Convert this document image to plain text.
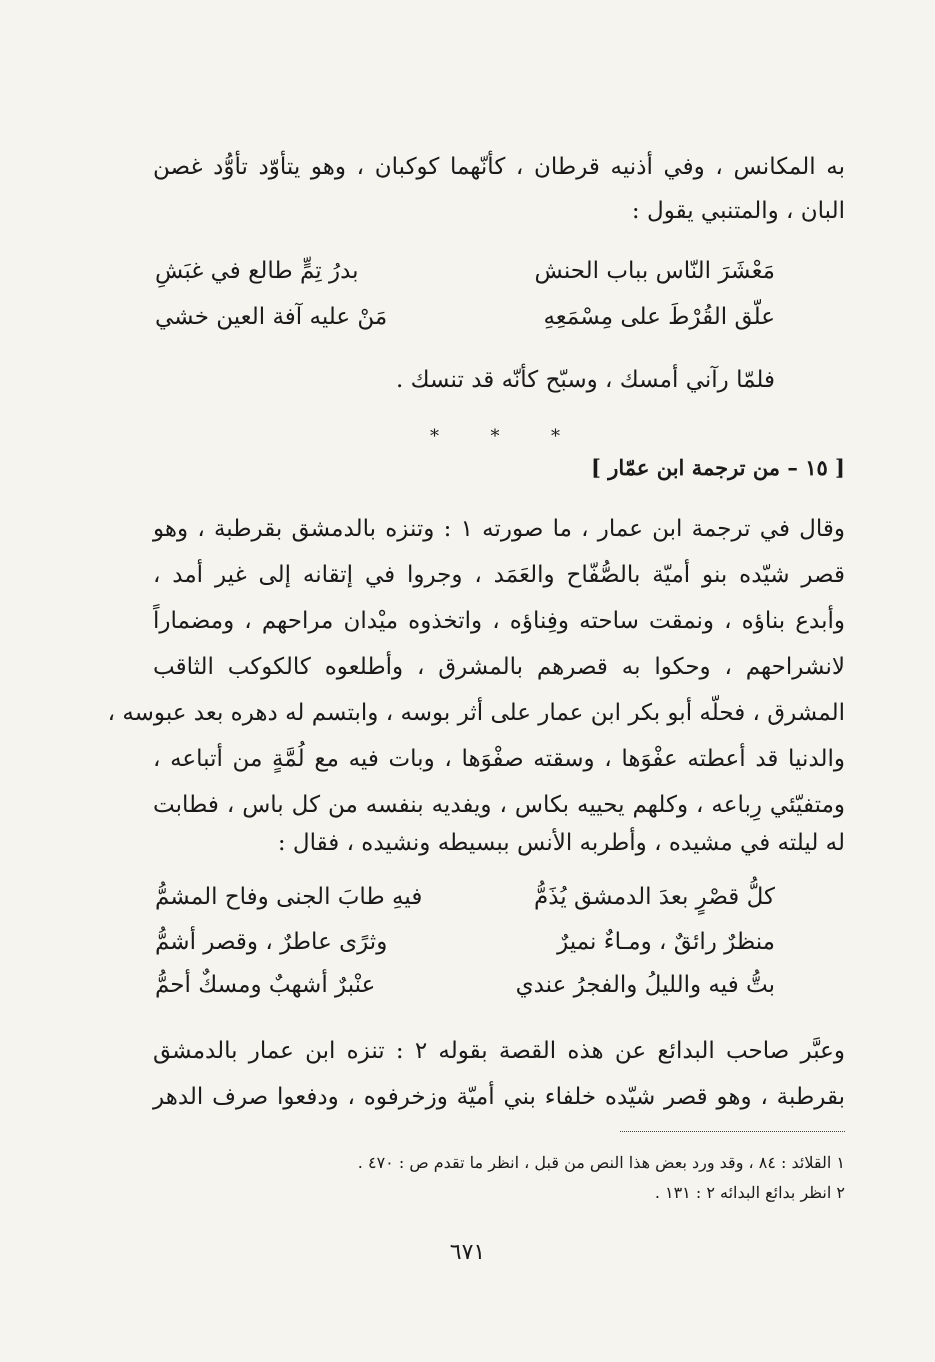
به المكانس ، وفي أذنيه قرطان ، كأنّهما كوكبان ، وهو يتأوّد تأوُّد غصن
البان ، والمتنبي يقول :
مَعْشَرَ النّاس بباب الحنش
بدرُ تِمٍّ طالع في غبَشِ
علّق القُرْطَ على مِسْمَعِهِ
مَنْ عليه آفة العين خشي
فلمّا رآني أمسك ، وسبّح كأنّه قد تنسك .
*	*	*
[ ١٥ – من ترجمة ابن عمّار ]
وقال في ترجمة ابن عمار ، ما صورته ١ : وتنزه بالدمشق بقرطبة ، وهو
قصر شيّده بنو أميّة بالصُّفّاح والعَمَد ، وجروا في إتقانه إلى غير أمد ،
وأبدع بناؤه ، ونمقت ساحته وفِناؤه ، واتخذوه ميْدان مراحهم ، ومضماراً
لانشراحهم ، وحكوا به قصرهم بالمشرق ، وأطلعوه كالكوكب الثاقب
المشرق ، فحلّه أبو بكر ابن عمار على أثر بوسه ، وابتسم له دهره بعد عبوسه ،
والدنيا قد أعطته عفْوَها ، وسقته صفْوَها ، وبات فيه مع لُمَّةٍ من أتباعه ،
ومتفيّئي رِباعه ، وكلهم يحييه بكاس ، ويفديه بنفسه من كل باس ، فطابت
له ليلته في مشيده ، وأطربه الأنس ببسيطه ونشيده ، فقال :
كلُّ قصْرٍ بعدَ الدمشق يُذَمُّ
فيهِ طابَ الجنى وفاح المشمُّ
منظرٌ رائقٌ ، ومـاءٌ نميرٌ
وثرًى عاطرٌ ، وقصر أشمُّ
بتُّ فيه والليلُ والفجرُ عندي
عنْبرٌ أشهبٌ ومسكٌ أحمُّ
وعبَّر صاحب البدائع عن هذه القصة بقوله ٢ : تنزه ابن عمار بالدمشق
بقرطبة ، وهو قصر شيّده خلفاء بني أميّة وزخرفوه ، ودفعوا صرف الدهر
١ القلائد : ٨٤ ، وقد ورد بعض هذا النص من قبل ، انظر ما تقدم ص : ٤٧٠ .
٢ انظر بدائع البدائه ٢ : ١٣١ .
٦٧١
